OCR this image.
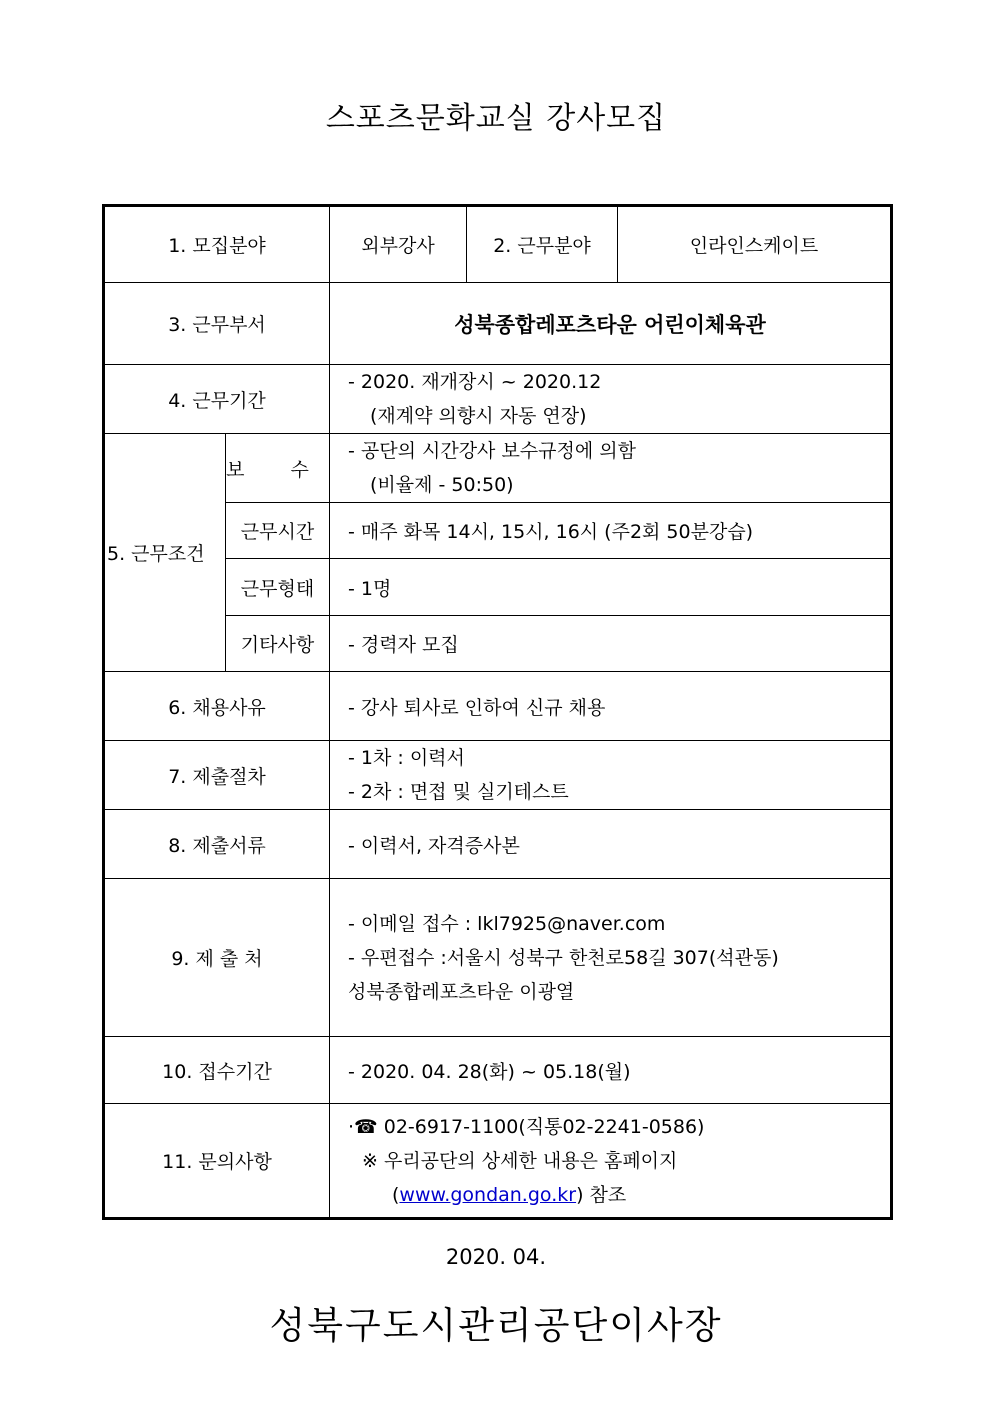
스포츠문화교실 강사모집
1. 모집분야		외부강사	2. 근무분야	인라인스케이트
3. 근무부서		성북종합레포츠타운 어린이체육관		
4. 근무기간		- 2020. 재개장시 ~ 2020.12
(재계약 의향시 자동 연장)		

5. 근무조건	보 수	- 공단의 시간강사 보수규정에 의함
(비율제 - 50:50)		

	근무시간	- 매주 화목 14시, 15시, 16시 (주2회 50분강습)		
	근무형태	- 1명		
	기타사항	- 경력자 모집		
6. 채용사유		- 강사 퇴사로 인하여 신규 채용		
7. 제출절차		- 1차 : 이력서
- 2차 : 면접 및 실기테스트		

8. 제출서류		- 이력서, 자격증사본		
9. 제 출 처		- 이메일 접수 : lkl7925@naver.com
- 우편접수 :서울시 성북구 한천로58길 307(석관동)
성북종합레포츠타운 이광열		

10. 접수기간		- 2020. 04. 28(화) ~ 05.18(월)		
11. 문의사항		·☎ 02-6917-1100(직통02-2241-0586)
※ 우리공단의 상세한 내용은 홈페이지
(www.gondan.go.kr) 참조		
2020. 04.
성북구도시관리공단이사장
